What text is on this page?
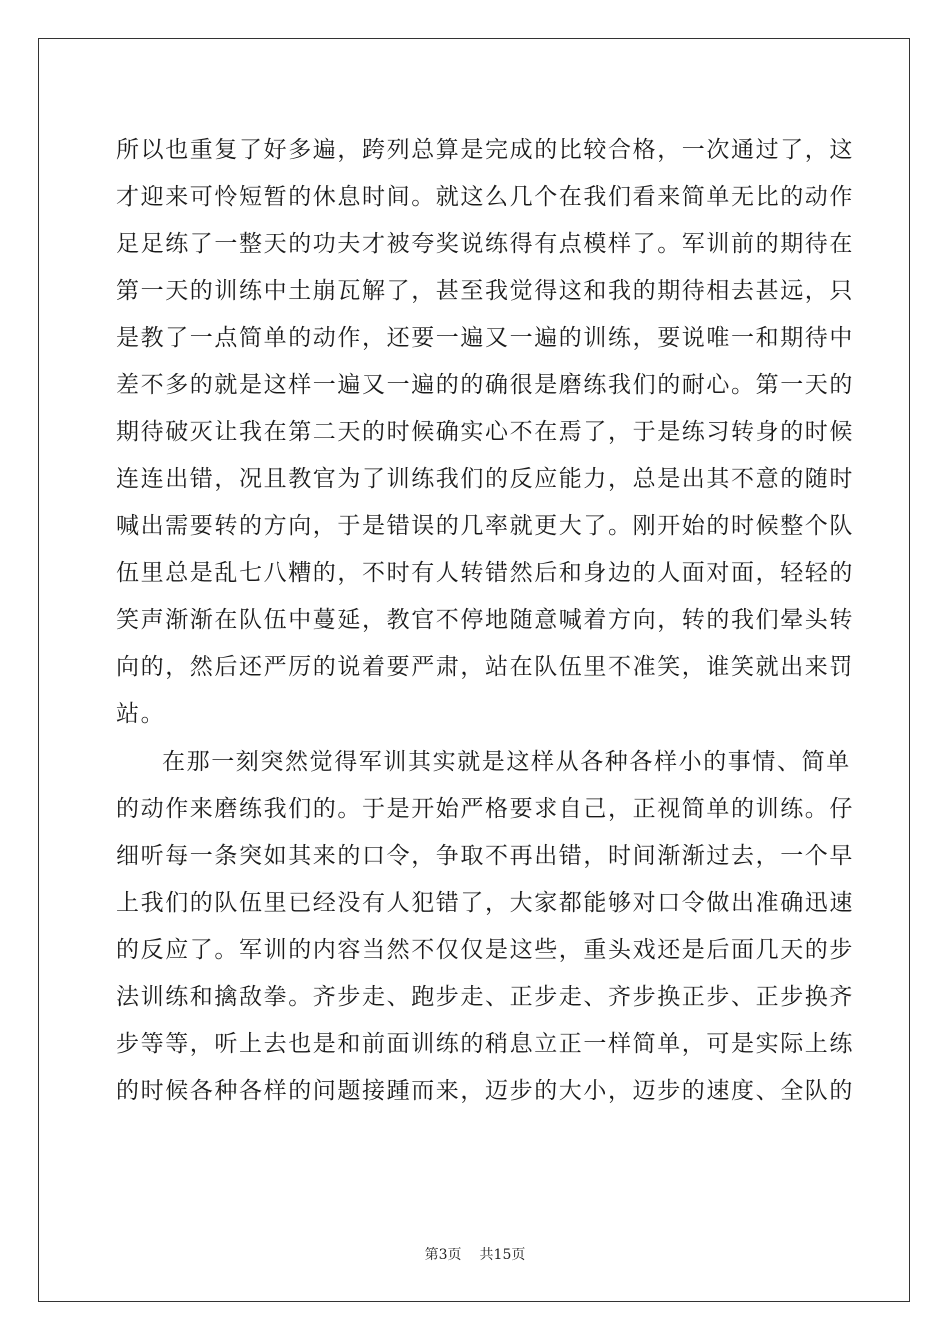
所以也重复了好多遍，跨列总算是完成的比较合格，一次通过了，这
才迎来可怜短暂的休息时间。就这么几个在我们看来简单无比的动作
足足练了一整天的功夫才被夸奖说练得有点模样了。军训前的期待在
第一天的训练中土崩瓦解了，甚至我觉得这和我的期待相去甚远，只
是教了一点简单的动作，还要一遍又一遍的训练，要说唯一和期待中
差不多的就是这样一遍又一遍的的确很是磨练我们的耐心。第一天的
期待破灭让我在第二天的时候确实心不在焉了，于是练习转身的时候
连连出错，况且教官为了训练我们的反应能力，总是出其不意的随时
喊出需要转的方向，于是错误的几率就更大了。刚开始的时候整个队
伍里总是乱七八糟的，不时有人转错然后和身边的人面对面，轻轻的
笑声渐渐在队伍中蔓延，教官不停地随意喊着方向，转的我们晕头转
向的，然后还严厉的说着要严肃，站在队伍里不准笑，谁笑就出来罚
站。
在那一刻突然觉得军训其实就是这样从各种各样小的事情、简单
的动作来磨练我们的。于是开始严格要求自己，正视简单的训练。仔
细听每一条突如其来的口令，争取不再出错，时间渐渐过去，一个早
上我们的队伍里已经没有人犯错了，大家都能够对口令做出准确迅速
的反应了。军训的内容当然不仅仅是这些，重头戏还是后面几天的步
法训练和擒敌拳。齐步走、跑步走、正步走、齐步换正步、正步换齐
步等等，听上去也是和前面训练的稍息立正一样简单，可是实际上练
的时候各种各样的问题接踵而来，迈步的大小，迈步的速度、全队的
第3页 共15页
